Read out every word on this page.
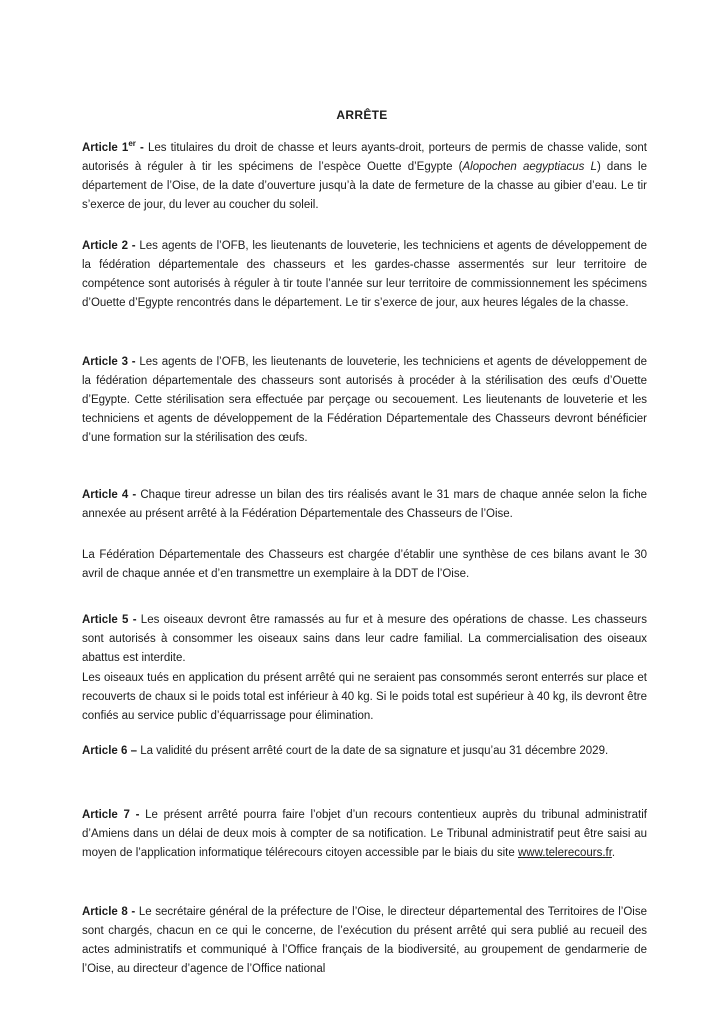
ARRÊTE
Article 1er - Les titulaires du droit de chasse et leurs ayants-droit, porteurs de permis de chasse valide, sont autorisés à réguler à tir les spécimens de l’espèce Ouette d’Egypte (Alopochen aegyptiacus L) dans le département de l’Oise, de la date d’ouverture jusqu’à la date de fermeture de la chasse au gibier d’eau. Le tir s’exerce de jour, du lever au coucher du soleil.
Article 2 - Les agents de l’OFB, les lieutenants de louveterie, les techniciens et agents de développement de la fédération départementale des chasseurs et les gardes-chasse assermentés sur leur territoire de compétence sont autorisés à réguler à tir toute l’année sur leur territoire de commissionnement les spécimens d’Ouette d’Egypte rencontrés dans le département. Le tir s’exerce de jour, aux heures légales de la chasse.
Article 3 - Les agents de l’OFB, les lieutenants de louveterie, les techniciens et agents de développement de la fédération départementale des chasseurs sont autorisés à procéder à la stérilisation des œufs d’Ouette d’Egypte. Cette stérilisation sera effectuée par perçage ou secouement. Les lieutenants de louveterie et les techniciens et agents de développement de la Fédération Départementale des Chasseurs devront bénéficier d’une formation sur la stérilisation des œufs.
Article 4 - Chaque tireur adresse un bilan des tirs réalisés avant le 31 mars de chaque année selon la fiche annexée au présent arrêté à la Fédération Départementale des Chasseurs de l’Oise.
La Fédération Départementale des Chasseurs est chargée d’établir une synthèse de ces bilans avant le 30 avril de chaque année et d’en transmettre un exemplaire à la DDT de l’Oise.
Article 5 - Les oiseaux devront être ramassés au fur et à mesure des opérations de chasse. Les chasseurs sont autorisés à consommer les oiseaux sains dans leur cadre familial. La commercialisation des oiseaux abattus est interdite.
Les oiseaux tués en application du présent arrêté qui ne seraient pas consommés seront enterrés sur place et recouverts de chaux si le poids total est inférieur à 40 kg. Si le poids total est supérieur à 40 kg, ils devront être confiés au service public d’équarrissage pour élimination.
Article 6 – La validité du présent arrêté court de la date de sa signature et jusqu’au 31 décembre 2029.
Article 7 - Le présent arrêté pourra faire l’objet d’un recours contentieux auprès du tribunal administratif d’Amiens dans un délai de deux mois à compter de sa notification. Le Tribunal administratif peut être saisi au moyen de l’application informatique télérecours citoyen accessible par le biais du site www.telerecours.fr.
Article 8 - Le secrétaire général de la préfecture de l’Oise, le directeur départemental des Territoires de l’Oise sont chargés, chacun en ce qui le concerne, de l’exécution du présent arrêté qui sera publié au recueil des actes administratifs et communiqué à l’Office français de la biodiversité, au groupement de gendarmerie de l’Oise, au directeur d’agence de l’Office national
